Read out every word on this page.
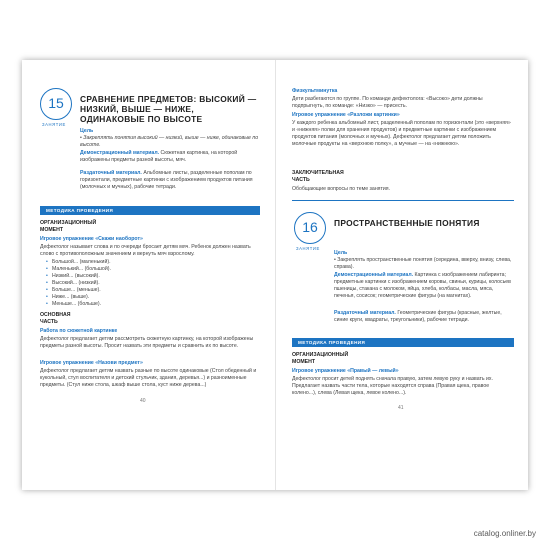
15
ЗАНЯТИЕ
СРАВНЕНИЕ ПРЕДМЕТОВ: ВЫСОКИЙ — НИЗКИЙ, ВЫШЕ — НИЖЕ, ОДИНАКОВЫЕ ПО ВЫСОТЕ
Цель
• Закреплять понятия высокий — низкий, выше — ниже, одинаковые по высоте.
Демонстрационный материал. Сюжетная картинка, на которой изображены предметы разной высоты, мяч.
Раздаточный материал. Альбомные листы, разделенные пополам по горизонтали, предметные картинки с изображением продуктов питания (молочных и мучных), рабочие тетради.
МЕТОДИКА ПРОВЕДЕНИЯ
ОРГАНИЗАЦИОННЫЙ
МОМЕНТ
Игровое упражнение «Скажи наоборот»
Дефектолог называет слова и по очереди бросает детям мяч. Ребенок должен назвать слово с противоположным значением и вернуть мяч взрослому.
• Большой... (маленький).
• Маленький... (большой).
• Низкий... (высокий).
• Высокий... (низкий).
• Больше... (меньше).
• Ниже... (выше).
• Меньше... (больше).
ОСНОВНАЯ
ЧАСТЬ
Работа по сюжетной картинке
Дефектолог предлагает детям рассмотреть сюжетную картинку, на которой изображены предметы разной высоты. Просит назвать эти предметы и сравнить их по высоте.
Игровое упражнение «Назови предмет»
Дефектолог предлагает детям назвать разные по высоте одинаковые (Стол обеденный и кукольный, стул воспитателя и детский стульчик, здания, деревья...) и разноименные предметы. (Стул ниже стола, шкаф выше стола, куст ниже дерева...)
40
Физкультминутка
Дети разбегаются по группе. По команде дефектолога: «Высоко» дети должны подпрыгнуть, по команде: «Низко» — присесть.
Игровое упражнение «Разложи картинки»
У каждого ребенка альбомный лист, разделенный пополам по горизонтали (это «верхняя» и «нижняя» полки для хранения продуктов) и предметные картинки с изображением продуктов питания (молочных и мучных). Дефектолог предлагает детям положить молочные продукты на «верхнюю полку», а мучные — на «нижнюю».
ЗАКЛЮЧИТЕЛЬНАЯ
ЧАСТЬ
Обобщающие вопросы по теме занятия.
16
ЗАНЯТИЕ
ПРОСТРАНСТВЕННЫЕ ПОНЯТИЯ
Цель
• Закреплять пространственные понятия (середина, вверху, внизу, слева, справа).
Демонстрационный материал. Картинка с изображением лабиринта; предметные картинки с изображением коровы, свиньи, курицы, колосьев пшеницы, стакана с молоком, яйца, хлеба, колбасы, масла, мяса, печенья, сосисок; геометрические фигуры (на магнитах).
Раздаточный материал. Геометрические фигуры (красные, желтые, синие круги, квадраты, треугольники), рабочие тетради.
МЕТОДИКА ПРОВЕДЕНИЯ
ОРГАНИЗАЦИОННЫЙ
МОМЕНТ
Игровое упражнение «Правый — левый»
Дефектолог просит детей поднять сначала правую, затем левую руку и назвать их. Предлагает назвать части тела, которые находятся справа (Правая щека, правое колено...), слева (Левая щека, левое колено...).
41
catalog.onliner.by
